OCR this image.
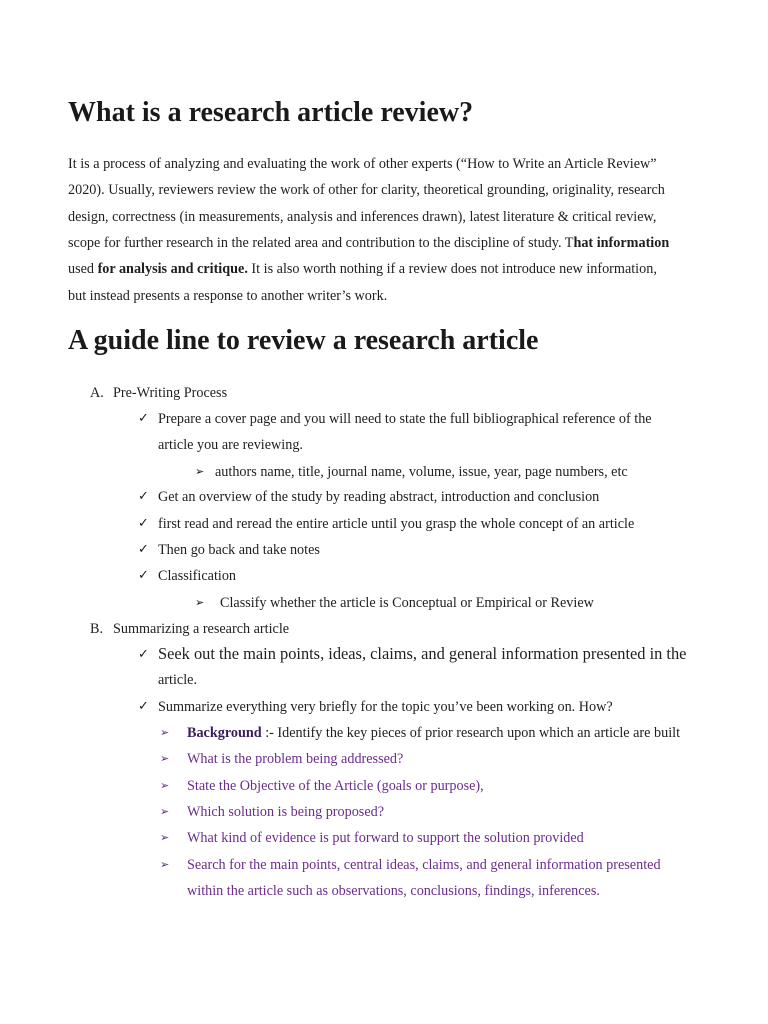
What is a research article review?
It is a process of analyzing and evaluating the work of other experts (“How to Write an Article Review”
2020). Usually, reviewers review the work of other for clarity, theoretical grounding, originality, research
design, correctness (in measurements, analysis and inferences drawn), latest literature & critical review,
scope for further research in the related area and contribution to the discipline of study. That information
used for analysis and critique. It is also worth nothing if a review does not introduce new information,
but instead presents a response to another writer’s work.
A guide line to review a research article
A. Pre-Writing Process
✓ Prepare a cover page and you will need to state the full bibliographical reference of the
article you are reviewing.
➢ authors name, title, journal name, volume, issue, year, page numbers, etc
✓ Get an overview of the study by reading abstract, introduction and conclusion
✓ first read and reread the entire article until you grasp the whole concept of an article
✓ Then go back and take notes
✓ Classification
➢ Classify whether the article is Conceptual or Empirical or Review
B. Summarizing a research article
✓ Seek out the main points, ideas, claims, and general information presented in the
article.
✓ Summarize everything very briefly for the topic you’ve been working on. How?
➢ Background :- Identify the key pieces of prior research upon which an article are built
➢ What is the problem being addressed?
➢ State the Objective of the Article (goals or purpose),
➢ Which solution is being proposed?
➢ What kind of evidence is put forward to support the solution provided
➢ Search for the main points, central ideas, claims, and general information presented
within the article such as observations, conclusions, findings, inferences.
